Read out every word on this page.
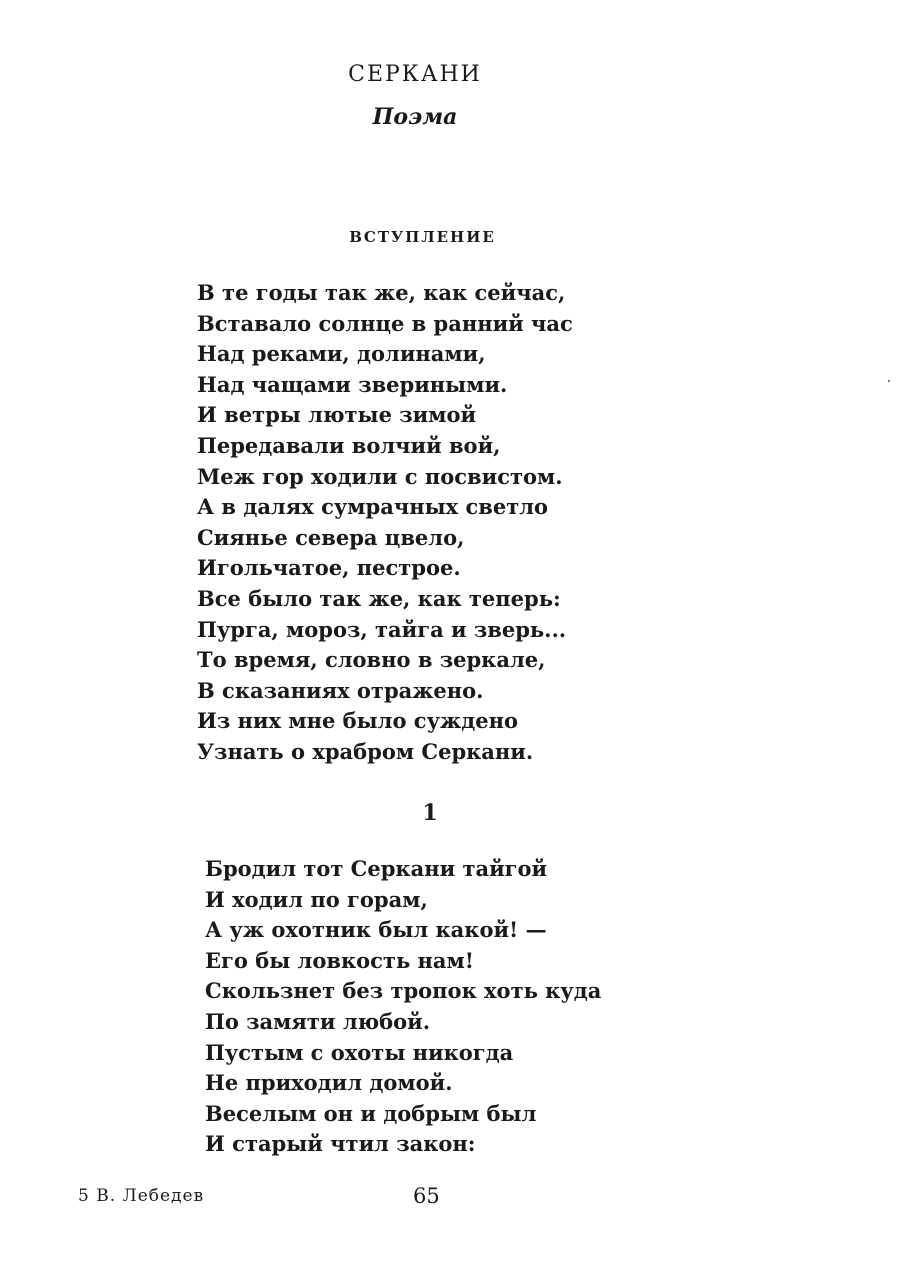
СЕРКАНИ
Поэма
ВСТУПЛЕНИЕ
В те годы так же, как сейчас,
Вставало солнце в ранний час
Над реками, долинами,
Над чащами звериными.
И ветры лютые зимой
Передавали волчий вой,
Меж гор ходили с посвистом.
А в далях сумрачных светло
Сиянье севера цвело,
Игольчатое, пестрое.
Все было так же, как теперь:
Пурга, мороз, тайга и зверь...
То время, словно в зеркале,
В сказаниях отражено.
Из них мне было суждено
Узнать о храбром Серкани.
1
Бродил тот Серкани тайгой
И ходил по горам,
А уж охотник был какой! —
Его бы ловкость нам!
Скользнет без тропок хоть куда
По замяти любой.
Пустым с охоты никогда
Не приходил домой.
Веселым он и добрым был
И старый чтил закон:
5 В. Лебедев	65
